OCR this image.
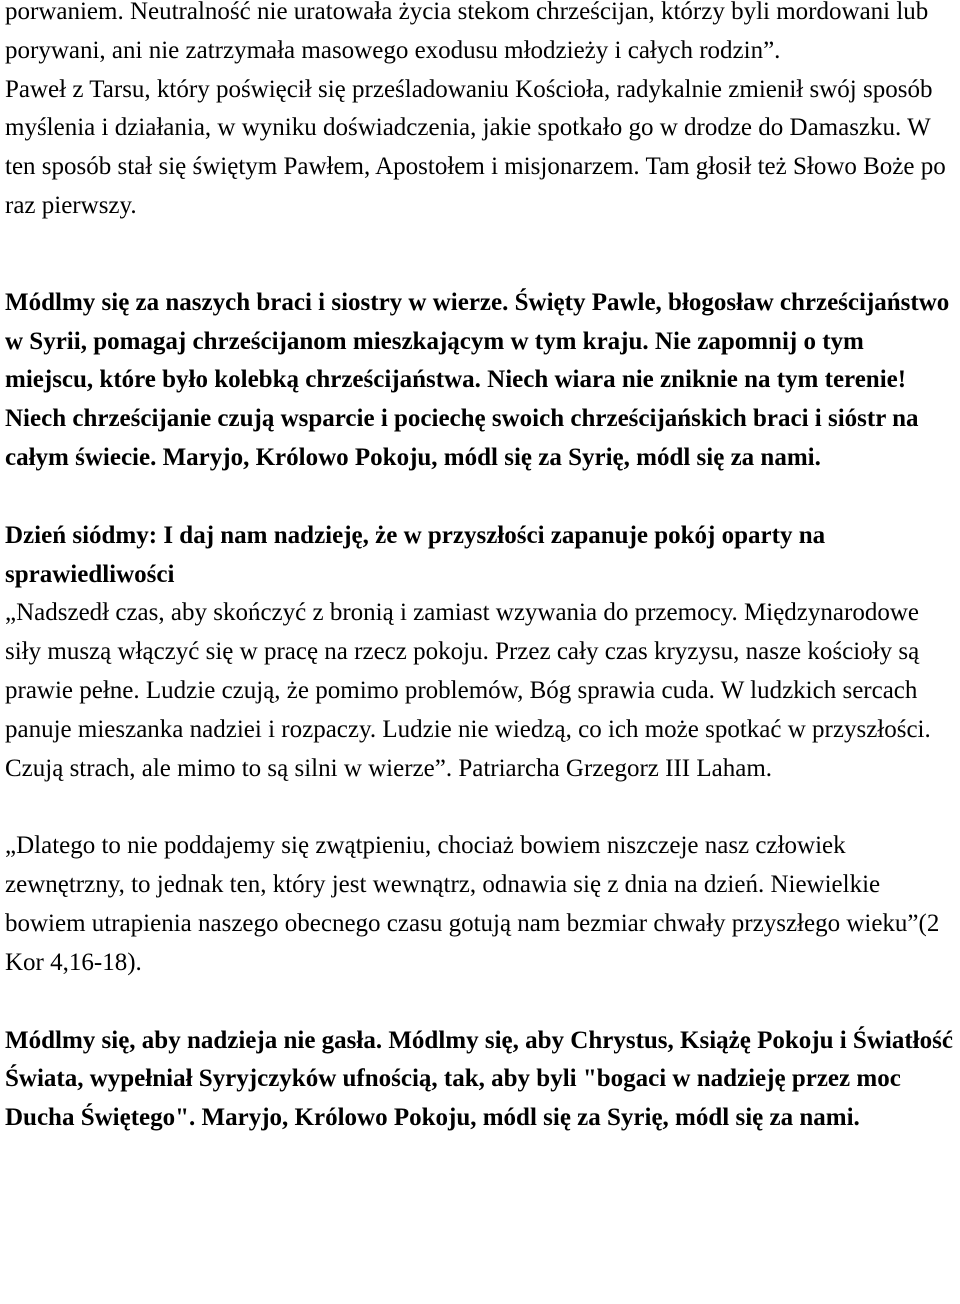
porwaniem. Neutralność nie uratowała życia stekom chrześcijan, którzy byli mordowani lub porywani, ani nie zatrzymała masowego exodusu młodzieży i całych rodzin”.

Paweł z Tarsu, który poświęcił się prześladowaniu Kościoła, radykalnie zmienił swój sposób myślenia i działania, w wyniku doświadczenia, jakie spotkało go w drodze do Damaszku. W ten sposób stał się świętym Pawłem, Apostołem i misjonarzem. Tam głosił też Słowo Boże po raz pierwszy.

Módlmy się za naszych braci i siostry w wierze. Święty Pawle, błogosław chrześcijaństwo w Syrii, pomagaj chrześcijanom mieszkającym w tym kraju. Nie zapomnij o tym miejscu, które było kolebką chrześcijaństwa. Niech wiara nie zniknie na tym terenie! Niech chrześcijanie czują wsparcie i pociechę swoich chrześcijańskich braci i sióstr na całym świecie. Maryjo, Królowo Pokoju, módl się za Syrię, módl się za nami.

Dzień siódmy: I daj nam nadzieję, że w przyszłości zapanuje pokój oparty na sprawiedliwości

„Nadszedł czas, aby skończyć z bronią i zamiast wzywania do przemocy. Międzynarodowe siły muszą włączyć się w pracę na rzecz pokoju. Przez cały czas kryzysu, nasze kościoły są prawie pełne. Ludzie czują, że pomimo problemów, Bóg sprawia cuda. W ludzkich sercach panuje mieszanka nadziei i rozpaczy. Ludzie nie wiedzą, co ich może spotkać w przyszłości. Czują strach, ale mimo to są silni w wierze”. Patriarcha Grzegorz III Laham.

„Dlatego to nie poddajemy się zwątpieniu, chociaż bowiem niszczeje nasz człowiek zewnętrzny, to jednak ten, który jest wewnątrz, odnawia się z dnia na dzień. Niewielkie bowiem utrapienia naszego obecnego czasu gotują nam bezmiar chwały przyszłego wieku”(2 Kor 4,16-18).

Módlmy się, aby nadzieja nie gasła. Módlmy się, aby Chrystus, Książę Pokoju i Światłość Świata, wypełniał Syryjczyków ufnością, tak, aby byli "bogaci w nadzieję przez moc Ducha Świętego". Maryjo, Królowo Pokoju, módl się za Syrię, módl się za nami.
